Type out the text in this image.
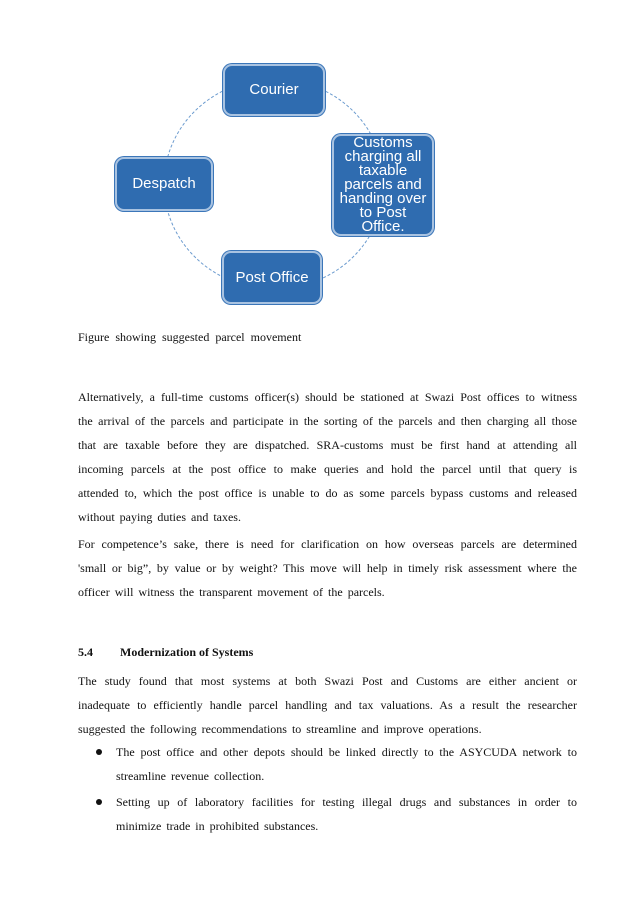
Courier
Customs charging all taxable parcels and handing over to Post Office.
Despatch
Post Office
Figure showing suggested parcel movement

Alternatively, a full-time customs officer(s) should be stationed at Swazi Post offices to witness the arrival of the parcels and participate in the sorting of the parcels and then charging all those that are taxable before they are dispatched. SRA-customs must be first hand at attending all incoming parcels at the post office to make queries and hold the parcel until that query is attended to, which the post office is unable to do as some parcels bypass customs and released without paying duties and taxes.

For competence’s sake, there is need for clarification on how overseas parcels are determined 'small or big”, by value or by weight? This move will help in timely risk assessment where the officer will witness the transparent movement of the parcels.

5.4 Modernization of Systems

The study found that most systems at both Swazi Post and Customs are either ancient or inadequate to efficiently handle parcel handling and tax valuations. As a result the researcher suggested the following recommendations to streamline and improve operations.

The post office and other depots should be linked directly to the ASYCUDA network to streamline revenue collection.
Setting up of laboratory facilities for testing illegal drugs and substances in order to minimize trade in prohibited substances.
